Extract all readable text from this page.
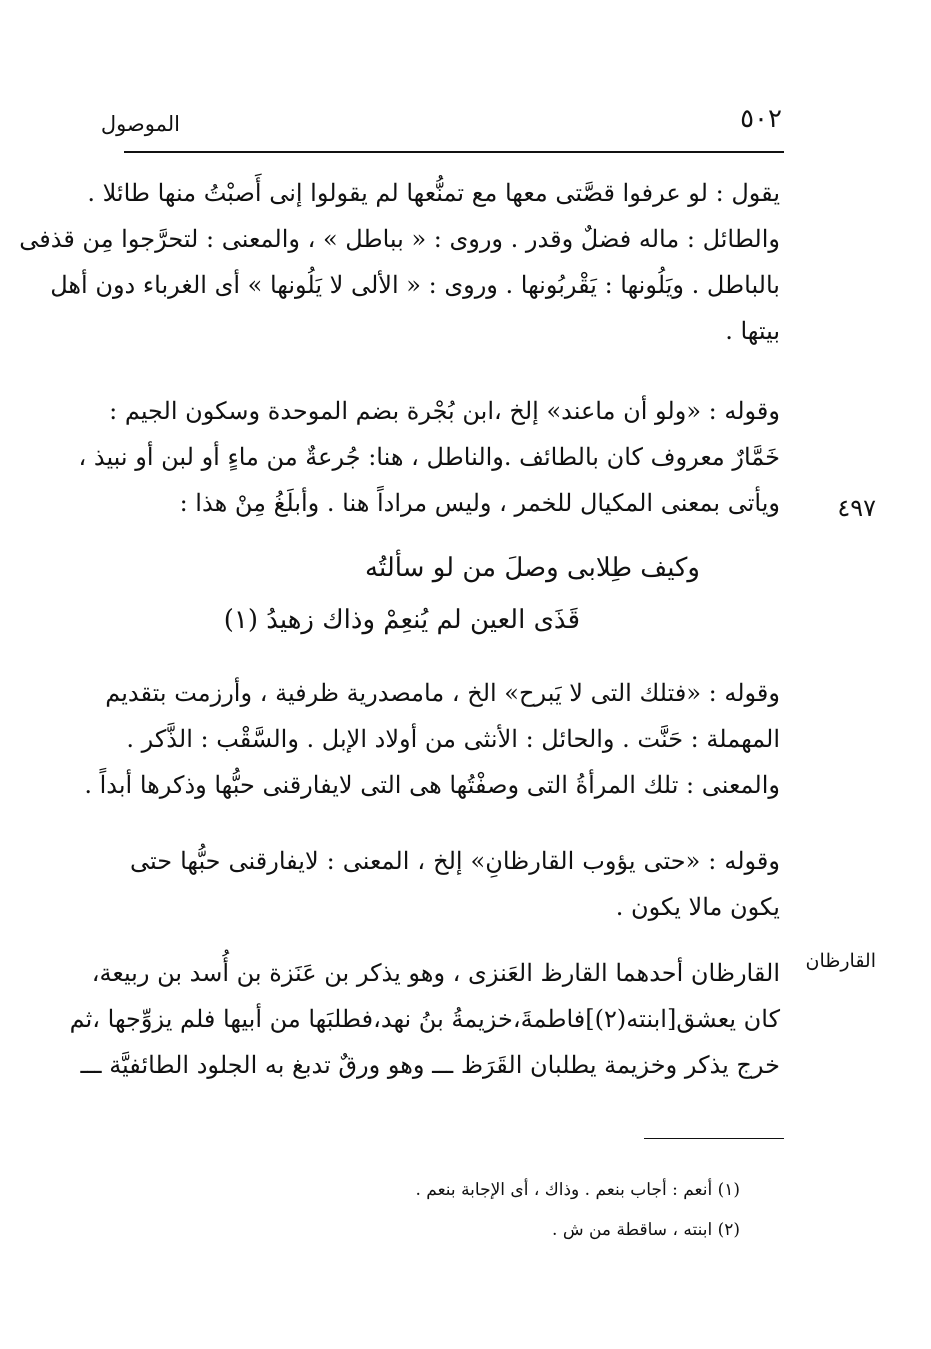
الموصول	٥٠٢
يقول : لو عرفوا قصَّتى معها مع تمنُّعها لم يقولوا إنى أَصبْتُ منها طائلا .
والطائل : ماله فضلٌ وقدر . وروى : « بباطل » ، والمعنى : لتحرَّجوا مِن قذفى
بالباطل . ويَلُونها : يَقْربُونها . وروى : « الألى لا يَلُونها » أى الغرباء دون أهل
بيتها .
وقوله : «ولو أن ماعند» إلخ ،ابن بُجْرة بضم الموحدة وسكون الجيم :
خَمَّارٌ معروف كان بالطائف .والناطل ، هنا: جُرعةٌ من ماءٍ أو لبن أو نبيذ ،
ويأتى بمعنى المكيال للخمر ، وليس مراداً هنا . وأبلَغُ مِنْ هذا :	٤٩٧
وكيف طِلابى وصلَ من لو سألتُه
قَذَى العين لم يُنعِمْ وذاك زهيدُ (١)
وقوله : «فتلك التى لا يَبرح» الخ ، مامصدرية ظرفية ، وأرزمت بتقديم
المهملة : حَنَّت . والحائل : الأنثى من أولاد الإبل . والسَّقْب : الذَّكر .
والمعنى : تلك المرأةُ التى وصفْتُها هى التى لايفارقنى حبُّها وذكرها أبداً .
وقوله : «حتى يؤوب القارظانِ» إلخ ، المعنى : لايفارقنى حبُّها حتى
يكون مالا يكون .
القارظان
القارظان أحدهما القارظ العَنزى ، وهو يذكر بن عَنَزة بن أُسد بن ربيعة،
كان يعشق[ابنته(٢)]فاطمةَ،خزيمةُ بنُ نهد،فطلبَها من أبيها فلم يزوِّجها ،ثم
خرج يذكر وخزيمة يطلبان القَرَظ ـــ وهو ورقٌ تدبغ به الجلود الطائفيَّة ـــ
(١) أنعم : أجاب بنعم . وذاك ، أى الإجابة بنعم .
(٢) ابنته ، ساقطة من ش .
